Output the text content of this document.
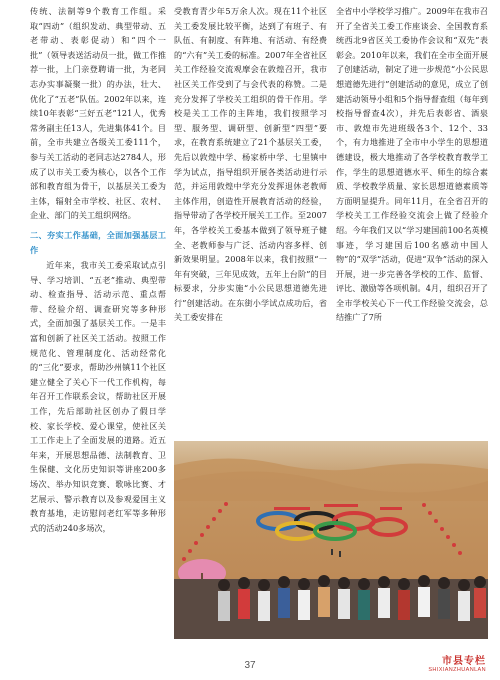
传统、法制等9个教育工作组。采取“四动”（组织发动、典型带动、五老带动、表彰促动）和“四个一批”（领导表送活动员一批，做工作推荐一批，上门亲登聘请一批，为老同志办实事凝聚一批）的办法，壮大、优化了“五老”队伍。2002年以来，连续10年表彰“三好五老”121人，优秀常务副主任13人，先进集体41个。目前，全市共建立各级关工委111个，参与关工活动的老同志达2784人，形成了以市关工委为核心，以各个工作部和教育组为骨干，以基层关工委为主体，辐射全市学校、社区、农村、企业、部门的关工组织网络。

二、夯实工作基础，全面加强基层工作

近年来，我市关工委采取试点引导、学习培训、“五老”推动、典型带动、检查指导、活动示范、重点帮带、经验介绍、调查研究等多种形式，全面加强了基层关工作。一是丰富和创新了社区关工活动。按照工作规范化、管理制度化、活动经常化的“三化”要求，帮助沙州镇11个社区建立健全了关心下一代工作机构，每年召开工作联系会议，帮助社区开展工作，先后部助社区创办了假日学校、家长学校、爱心课堂，使社区关工工作走上了全面发展的道路。近五年来，开展思想品德、法制教育、卫生保健、文化历史知识等讲座200多场次、举办知识竞赛、歌咏比赛、才艺展示、警示教育以及参观爱国主义教育基地，走访慰问老红军等多种形式的活动240多场次，

受教育青少年5万余人次。现在11个社区关工委发展比较平衡，达到了有班子、有队伍、有制度、有阵地、有活动、有经费的“六有”关工委的标准。2007年全省社区关工作经验交流观摩会在敦煌召开，我市社区关工作受到了与会代表的称赞。二是充分发挥了学校关工组织的骨干作用。学校是关工工作的主阵地，我们按照学习型、服务型、调研型、创新型“四型”要求，在教育系统建立了21个基层关工委，先后以敦煌中学、杨家桥中学、七里镇中学为试点，指导组织开展各类活动进行示范，并运用敦煌中学充分发挥退休老教师主体作用，创造性开展教育活动的经验，指导带动了各学校开展关工工作。至2007年，各学校关工委基本做到了领导班子健全、老教师参与广泛、活动内容多样、创新效果明显。2008年以来，我们按照“一年有突破，三年见成效，五年上台阶”的目标要求，分步实施“小公民思想道德先进行”创建活动。在东街小学试点成功后，省关工委安排在

全省中小学校学习推广。2009年在我市召开了全省关工委工作座谈会、全国教育系统西北9省区关工委协作会议和“双先”表彰会。2010年以来，我们在全市全面开展了创建活动，制定了进一步规范“小公民思想道德先进行”创建活动的意见，成立了创建活动领导小组和5个指导督查组（每年到校指导督查4次），并先后表彰省、酒泉市、敦煌市先进班级各3个、12个、33个，有力地推进了全市中小学生的思想道德建设，极大地推动了各学校教育教学工作，学生的思想道德水平、师生的综合素质、学校教学质量、家长思想道德素质等方面明显提升。同年11月，在全省召开的学校关工工作经验交流会上做了经验介绍。今年我们又以“学习建国前100名英模事迹，学习建国后100名感动中国人物”的“双学”活动，促进“双争”活动的深入开展，进一步完善各学校的工作、监督、评比、激励等各项机制。4月，组织召开了全市学校关心下一代工作经验交流会，总结推广了7所

37	市县专栏
SHIXIANZHUANLAN
